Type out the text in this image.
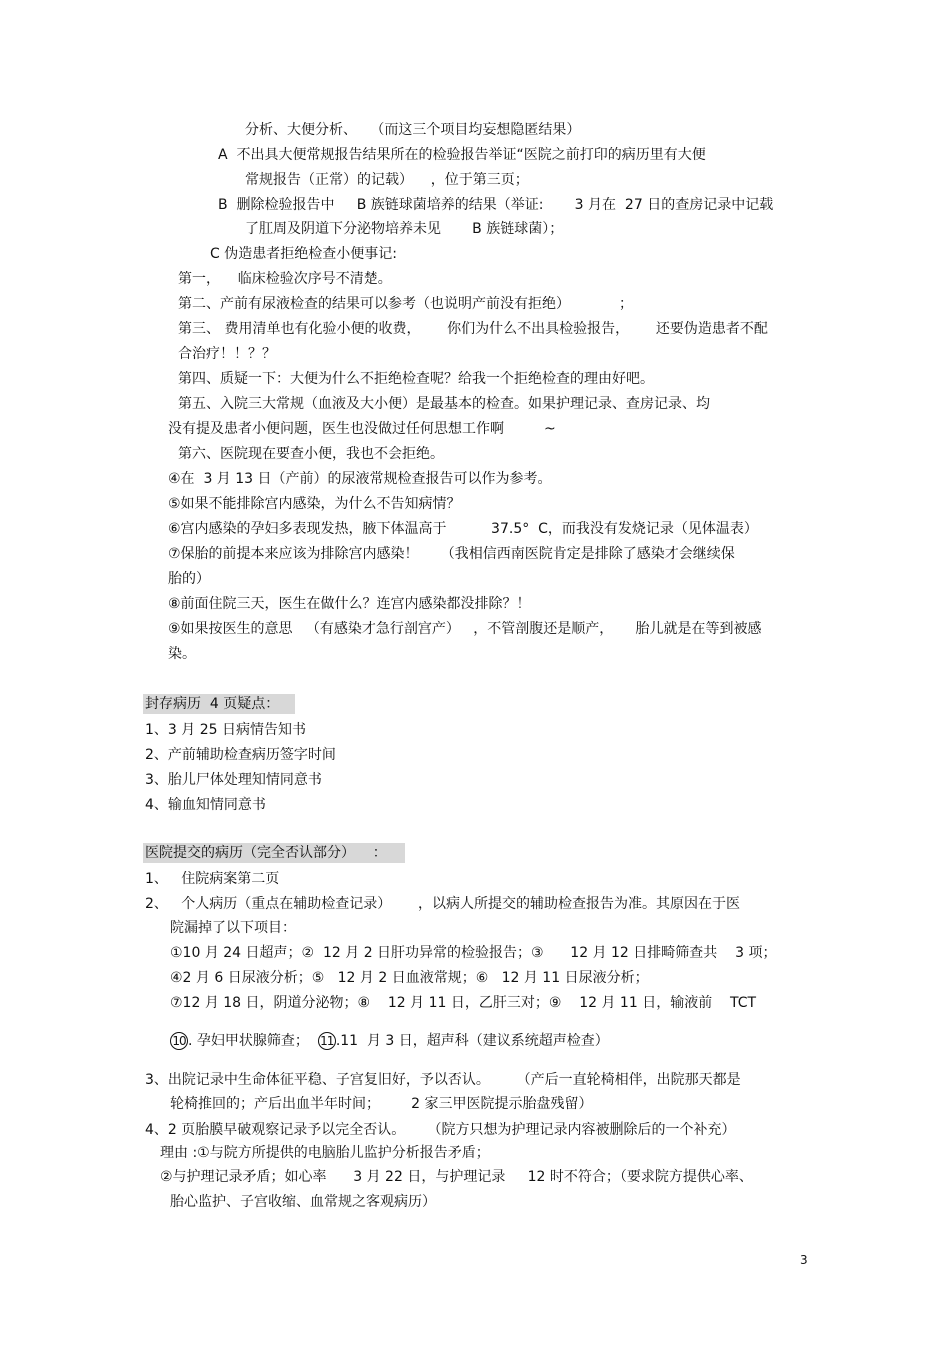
分析、大便分析、   （而这三个项目均妄想隐匿结果）
A  不出具大便常规报告结果所在的检验报告举证“医院之前打印的病历里有大便
常规报告（正常）的记载）    ，位于第三页；
B  删除检验报告中     B 族链球菌培养的结果（举证:       3 月在  27 日的查房记录中记载
了肛周及阴道下分泌物培养未见       B 族链球菌）；
C 伪造患者拒绝检查小便事记:
第一，    临床检验次序号不清楚。
第二、产前有尿液检查的结果可以参考（也说明产前没有拒绝）           ；
第三、 费用清单也有化验小便的收费，      你们为什么不出具检验报告，      还要伪造患者不配
合治疗！！？？
第四、质疑一下：大便为什么不拒绝检查呢？给我一个拒绝检查的理由好吧。
第五、入院三大常规（血液及大小便）是最基本的检查。如果护理记录、查房记录、均
没有提及患者小便问题，医生也没做过任何思想工作啊         ~
第六、医院现在要查小便，我也不会拒绝。
④在  3 月 13 日（产前）的尿液常规检查报告可以作为参考。
⑤如果不能排除宫内感染，为什么不告知病情？
⑥宫内感染的孕妇多表现发热，腋下体温高于          37.5°  C，而我没有发烧记录（见体温表）
⑦保胎的前提本来应该为排除宫内感染！     （我相信西南医院肯定是排除了感染才会继续保
胎的）
⑧前面住院三天，医生在做什么？连宫内感染都没排除？！
⑨如果按医生的意思   （有感染才急行剖宫产）   ，不管剖腹还是顺产，     胎儿就是在等到被感
染。
封存病历  4 页疑点：
1、3 月 25 日病情告知书
2、产前辅助检查病历签字时间
3、胎儿尸体处理知情同意书
4、输血知情同意书
医院提交的病历（完全否认部分）    ：
1、   住院病案第二页
2、   个人病历（重点在辅助检查记录）      ，以病人所提交的辅助检查报告为准。其原因在于医
院漏掉了以下项目：
①10 月 24 日超声；②  12 月 2 日肝功异常的检验报告；③      12 月 12 日排畸筛查共    3 项；
④2 月 6 日尿液分析；⑤   12 月 2 日血液常规；⑥   12 月 11 日尿液分析；
⑦12 月 18 日，阴道分泌物；⑧    12 月 11 日，乙肝三对；⑨    12 月 11 日，输液前    TCT
10 . 孕妇甲状腺筛查；  11 .11  月 3 日，超声科（建议系统超声检查）
3、出院记录中生命体征平稳、子宫复旧好，予以否认。      （产后一直轮椅相伴，出院那天都是
轮椅推回的；产后出血半年时间；       2 家三甲医院提示胎盘残留）
4、2 页胎膜早破观察记录予以完全否认。     （院方只想为护理记录内容被删除后的一个补充）
理由 :①与院方所提供的电脑胎儿监护分析报告矛盾；
②与护理记录矛盾；如心率      3 月 22 日，与护理记录     12 时不符合；（要求院方提供心率、
胎心监护、子宫收缩、血常规之客观病历）
3
